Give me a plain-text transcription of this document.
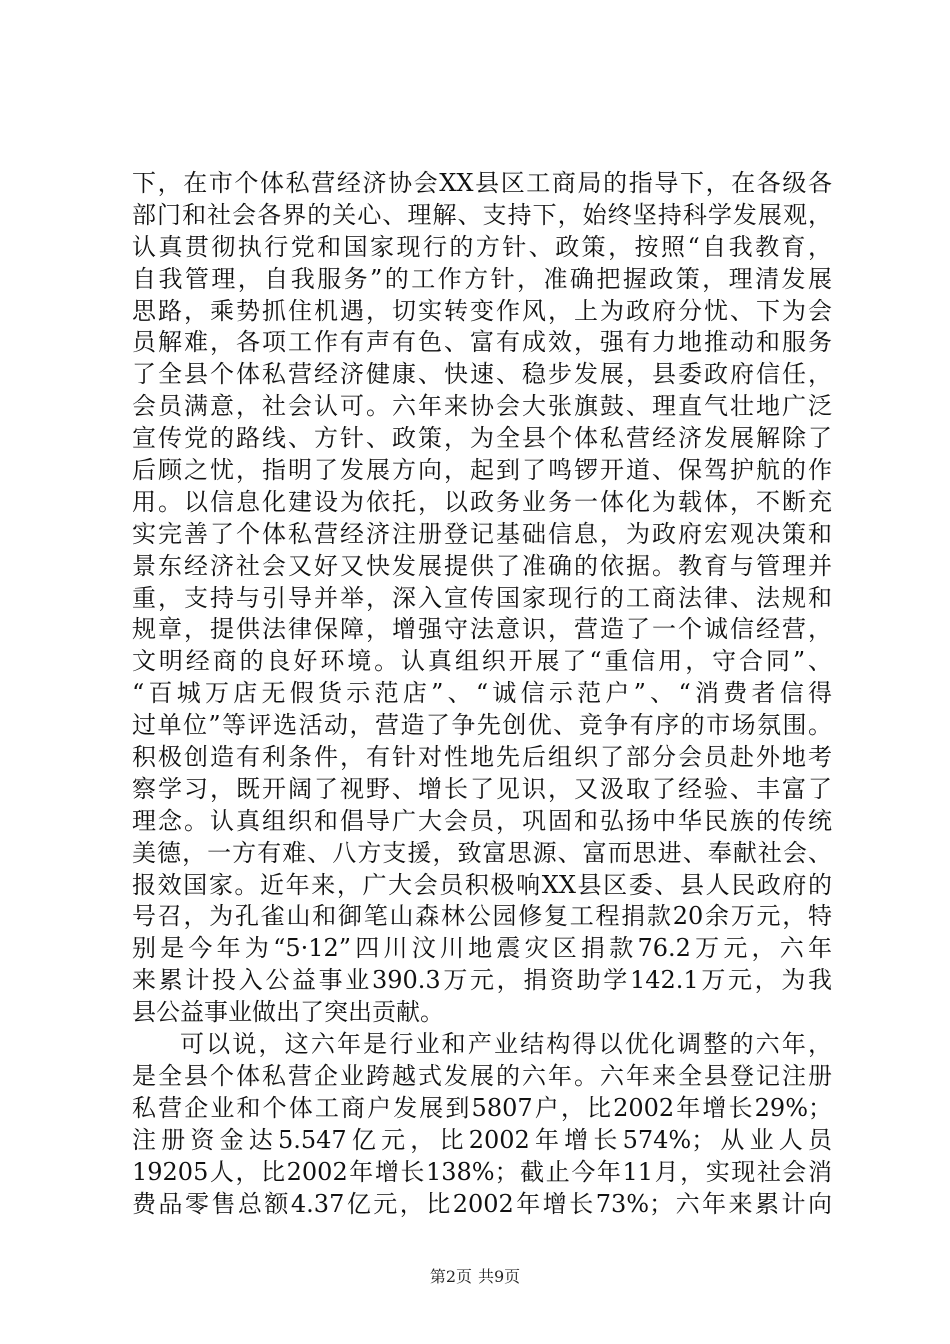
下，在市个体私营经济协会XX县区工商局的指导下，在各级各
部门和社会各界的关心、理解、支持下，始终坚持科学发展观，
认真贯彻执行党和国家现行的方针、政策，按照“自我教育，
自我管理，自我服务”的工作方针，准确把握政策，理清发展
思路，乘势抓住机遇，切实转变作风，上为政府分忧、下为会
员解难，各项工作有声有色、富有成效，强有力地推动和服务
了全县个体私营经济健康、快速、稳步发展，县委政府信任，
会员满意，社会认可。六年来协会大张旗鼓、理直气壮地广泛
宣传党的路线、方针、政策，为全县个体私营经济发展解除了
后顾之忧，指明了发展方向，起到了鸣锣开道、保驾护航的作
用。以信息化建设为依托，以政务业务一体化为载体，不断充
实完善了个体私营经济注册登记基础信息，为政府宏观决策和
景东经济社会又好又快发展提供了准确的依据。教育与管理并
重，支持与引导并举，深入宣传国家现行的工商法律、法规和
规章，提供法律保障，增强守法意识，营造了一个诚信经营，
文明经商的良好环境。认真组织开展了“重信用，守合同”、
“百城万店无假货示范店”、“诚信示范户”、“消费者信得
过单位”等评选活动，营造了争先创优、竞争有序的市场氛围。
积极创造有利条件，有针对性地先后组织了部分会员赴外地考
察学习，既开阔了视野、增长了见识，又汲取了经验、丰富了
理念。认真组织和倡导广大会员，巩固和弘扬中华民族的传统
美德，一方有难、八方支援，致富思源、富而思进、奉献社会、
报效国家。近年来，广大会员积极响XX县区委、县人民政府的
号召，为孔雀山和御笔山森林公园修复工程捐款20余万元，特
别是今年为“5·12”四川汶川地震灾区捐款76.2万元，六年
来累计投入公益事业390.3万元，捐资助学142.1万元，为我
县公益事业做出了突出贡献。
可以说，这六年是行业和产业结构得以优化调整的六年，
是全县个体私营企业跨越式发展的六年。六年来全县登记注册
私营企业和个体工商户发展到5807户，比2002年增长29%；
注册资金达5.547亿元，比2002年增长574%；从业人员
19205人，比2002年增长138%；截止今年11月，实现社会消
费品零售总额4.37亿元，比2002年增长73%；六年来累计向
第2页 共9页
